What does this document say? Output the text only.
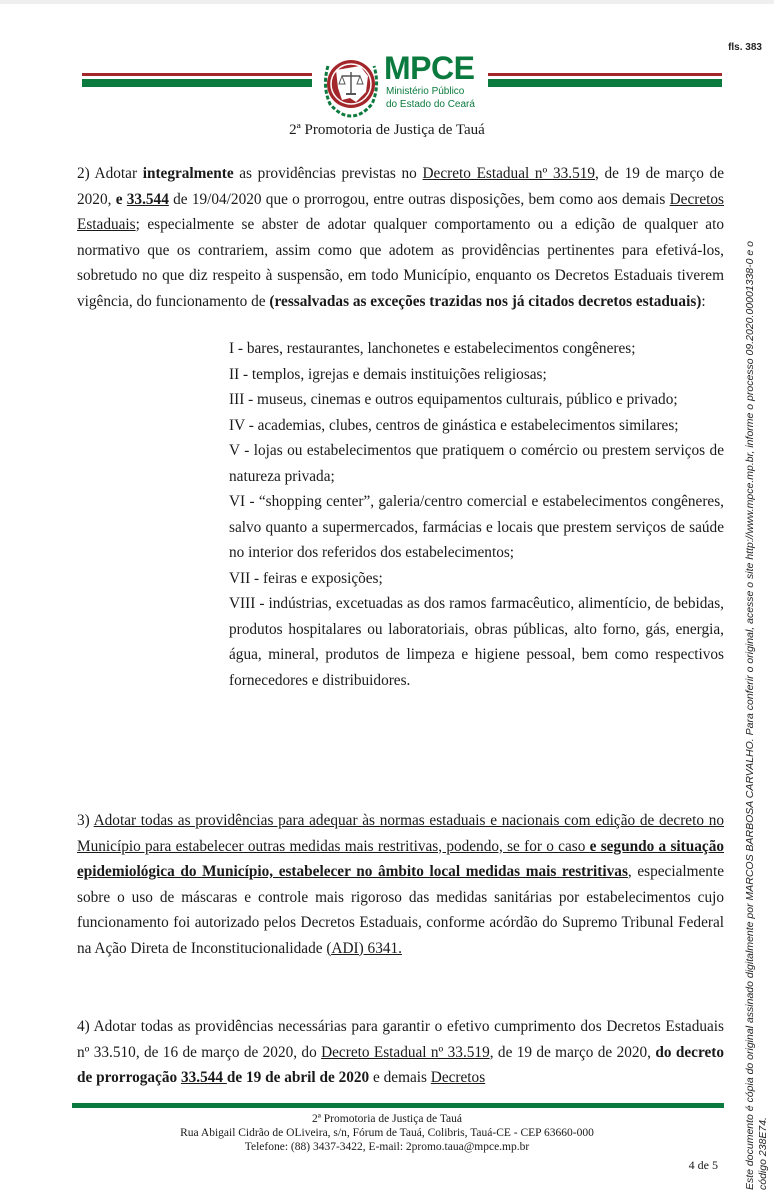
fls. 383
MPCE
Ministério Público
do Estado do Ceará
2ª Promotoria de Justiça de Tauá

2) Adotar integralmente as providências previstas no Decreto Estadual nº 33.519, de 19 de março de 2020, e 33.544 de 19/04/2020 que o prorrogou, entre outras disposições, bem como aos demais Decretos Estaduais; especialmente se abster de adotar qualquer comportamento ou a edição de qualquer ato normativo que os contrariem, assim como que adotem as providências pertinentes para efetivá-los, sobretudo no que diz respeito à suspensão, em todo Município, enquanto os Decretos Estaduais tiverem vigência, do funcionamento de (ressalvadas as exceções trazidas nos já citados decretos estaduais):

I - bares, restaurantes, lanchonetes e estabelecimentos congêneres;

II - templos, igrejas e demais instituições religiosas;

III - museus, cinemas e outros equipamentos culturais, público e privado;

IV - academias, clubes, centros de ginástica e estabelecimentos similares;

V - lojas ou estabelecimentos que pratiquem o comércio ou prestem serviços de natureza privada;

VI - “shopping center”, galeria/centro comercial e estabelecimentos congêneres, salvo quanto a supermercados, farmácias e locais que prestem serviços de saúde no interior dos referidos dos estabelecimentos;

VII - feiras e exposições;

VIII - indústrias, excetuadas as dos ramos farmacêutico, alimentício, de bebidas, produtos hospitalares ou laboratoriais, obras públicas, alto forno, gás, energia, água, mineral, produtos de limpeza e higiene pessoal, bem como respectivos fornecedores e distribuidores.

3) Adotar todas as providências para adequar às normas estaduais e nacionais com edição de decreto no Município para estabelecer outras medidas mais restritivas, podendo, se for o caso e segundo a situação epidemiológica do Município, estabelecer no âmbito local medidas mais restritivas, especialmente sobre o uso de máscaras e controle mais rigoroso das medidas sanitárias por estabelecimentos cujo funcionamento foi autorizado pelos Decretos Estaduais, conforme acórdão do Supremo Tribunal Federal na Ação Direta de Inconstitucionalidade (ADI) 6341.

4) Adotar todas as providências necessárias para garantir o efetivo cumprimento dos Decretos Estaduais nº 33.510, de 16 de março de 2020, do Decreto Estadual nº 33.519, de 19 de março de 2020, do decreto de prorrogação 33.544 de 19 de abril de 2020 e demais Decretos

2ª Promotoria de Justiça de Tauá
Rua Abigail Cidrão de OLiveira, s/n, Fórum de Tauá, Colibris, Tauá-CE - CEP 63660-000
Telefone: (88) 3437-3422, E-mail: 2promo.taua@mpce.mp.br
4 de 5 Este documento é cópia do original assinado digitalmente por MARCOS BARBOSA CARVALHO. Para conferir o original, acesse o site http://www.mpce.mp.br, informe o processo 09.2020.00001338-0 e o código 238E74.
